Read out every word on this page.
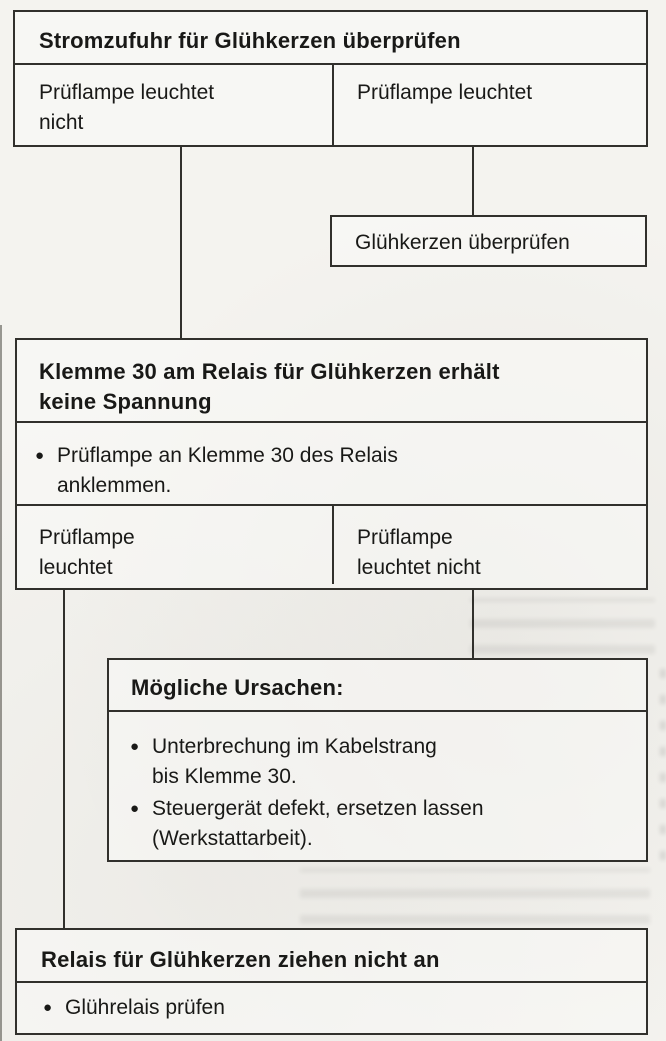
Stromzufuhr für Glühkerzen überprüfen
Prüflampe leuchtet
nicht
Prüflampe leuchtet
Glühkerzen überprüfen
Klemme 30 am Relais für Glühkerzen erhält
keine Spannung
● Prüflampe an Klemme 30 des Relais
anklemmen.
Prüflampe
leuchtet
Prüflampe
leuchtet nicht
Mögliche Ursachen:
● Unterbrechung im Kabelstrang
bis Klemme 30.
● Steuergerät defekt, ersetzen lassen
(Werkstattarbeit).
Relais für Glühkerzen ziehen nicht an
● Glührelais prüfen
